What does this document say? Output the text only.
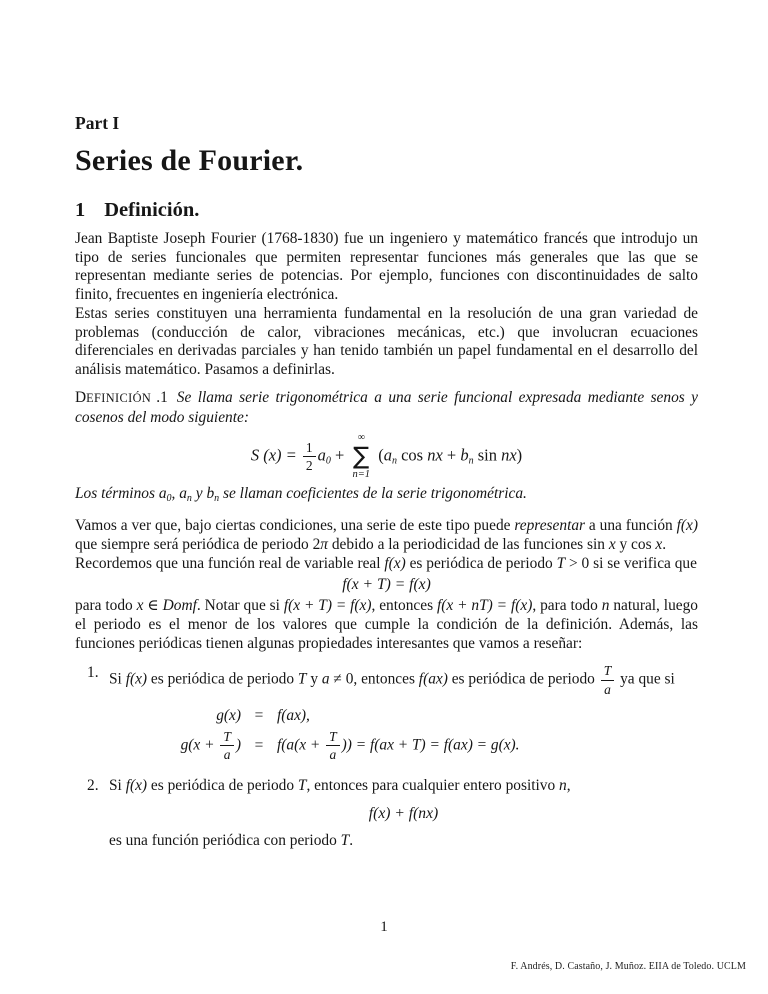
Part I
Series de Fourier.
1 Definición.

Jean Baptiste Joseph Fourier (1768-1830) fue un ingeniero y matemático francés que introdujo un tipo de series funcionales que permiten representar funciones más generales que las que se representan mediante series de potencias. Por ejemplo, funciones con discontinuidades de salto finito, frecuentes en ingeniería electrónica.

Estas series constituyen una herramienta fundamental en la resolución de una gran variedad de problemas (conducción de calor, vibraciones mecánicas, etc.) que involucran ecuaciones diferenciales en derivadas parciales y han tenido también un papel fundamental en el desarrollo del análisis matemático. Pasamos a definirlas.

DEFINICIÓN .1 Se llama serie trigonométrica a una serie funcional expresada mediante senos y cosenos del modo siguiente:

S $(x) = \frac{1}{2} a0$ +
∞
∑
n=1
(an cos nx + bn sin nx)

Los términos a0, an y bn se llaman coeficientes de la serie trigonométrica.

Vamos a ver que, bajo ciertas condiciones, una serie de este tipo puede representar a una función f(x) que siempre será periódica de periodo 2π debido a la periodicidad de las funciones sin x y cos x.

Recordemos que una función real de variable real f(x) es periódica de periodo T > 0 si se verifica que

f(x + T) = f(x)

para todo x ∈ Domf. Notar que si f(x + T) = f(x), entonces f(x + nT) = f(x), para todo n natural, luego el periodo es el menor de los valores que cumple la condición de la definición. Además, las funciones periódicas tienen algunas propiedades interesantes que vamos a reseñar:

1. Si f(x) es periódica de periodo T y a ≠ 0, entonces f(ax) es periódica de periodo $\frac{T}{a}$ ya que si
g(x) = f(ax),
$g(x + \frac{T}{a}$ ) = $f(a(x + \frac{T}{a}$ )) = f(ax + T) = f(ax) = g(x).
2. Si f(x) es periódica de periodo T, entonces para cualquier entero positivo n,
f(x) + f(nx)
es una función periódica con periodo T.
1
F. Andrés, D. Castaño, J. Muñoz. EIIA de Toledo. UCLM
